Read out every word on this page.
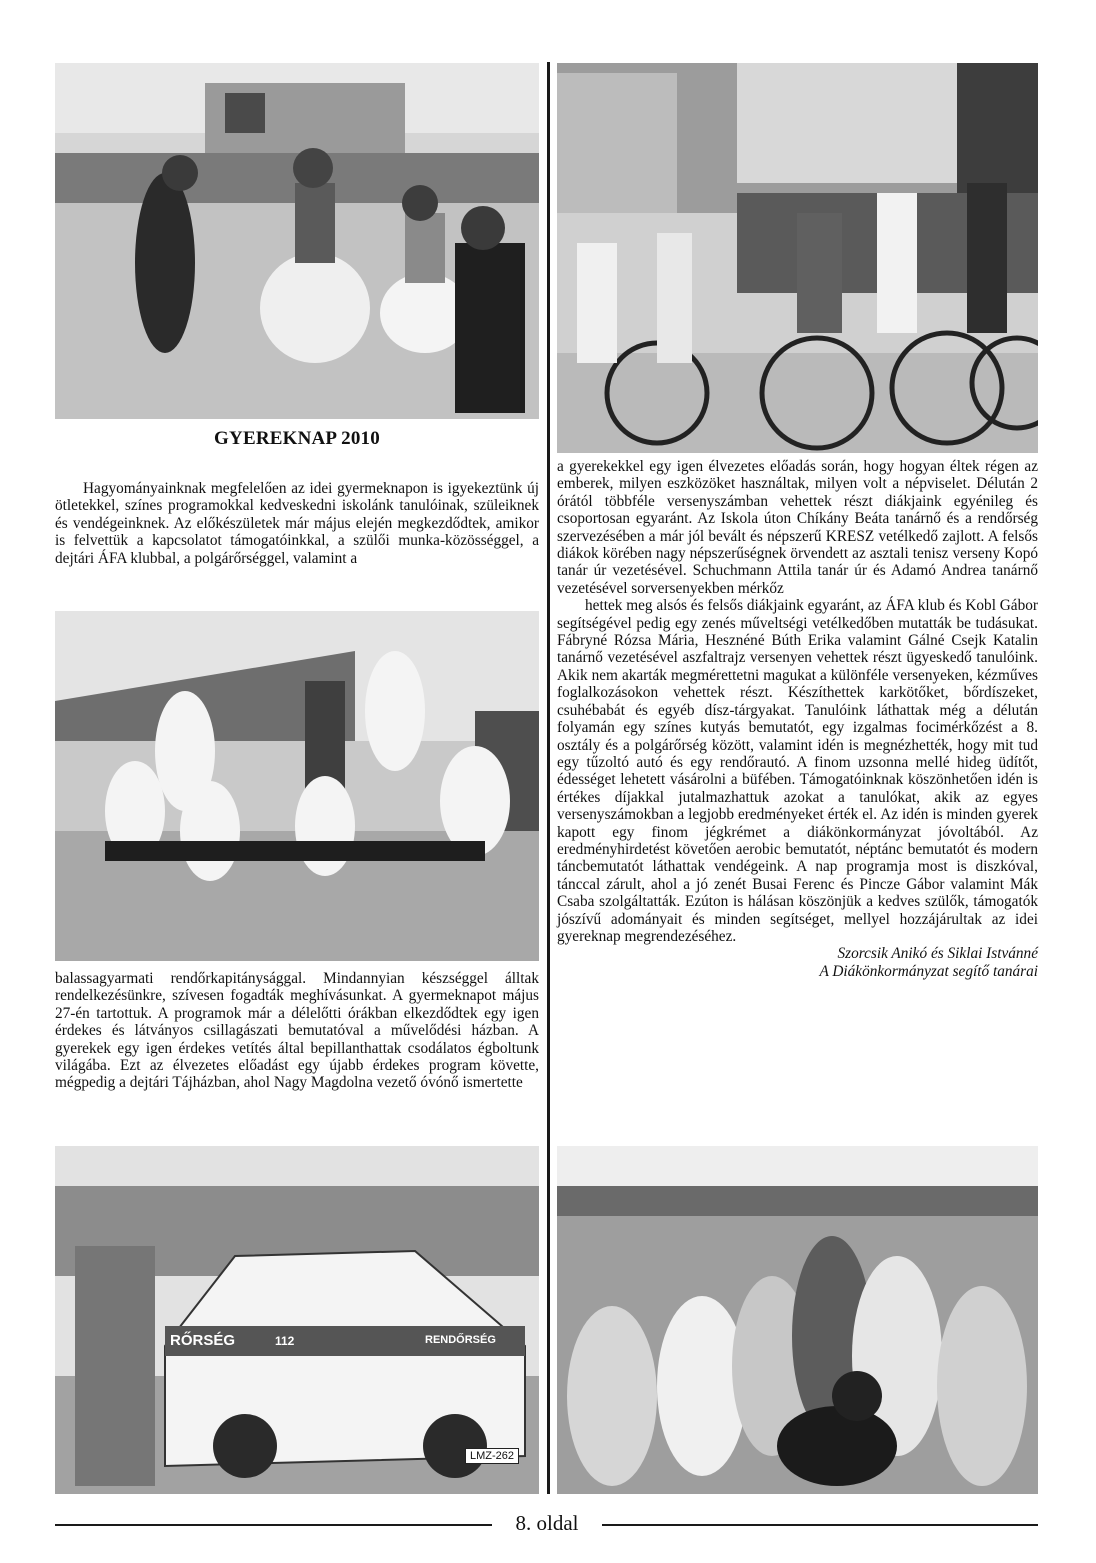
GYEREKNAP 2010

Hagyományainknak megfelelően az idei gyermeknapon is igyekeztünk új ötletekkel, színes programokkal kedveskedni iskolánk tanulóinak, szüleiknek és vendégeinknek. Az előkészületek már május elején megkezdődtek, amikor is felvettük a kapcsolatot támogatóinkkal, a szülői munka-közösséggel, a dejtári ÁFA klubbal, a polgárőrséggel, valamint a

balassagyarmati rendőrkapitánysággal. Mindannyian készséggel álltak rendelkezésünkre, szívesen fogadták meghívásunkat. A gyermeknapot május 27-én tartottuk. A programok már a délelőtti órákban elkezdődtek egy igen érdekes és látványos csillagászati bemutatóval a művelődési házban. A gyerekek egy igen érdekes vetítés által bepillanthattak csodálatos égboltunk világába. Ezt az élvezetes előadást egy újabb érdekes program követte, mégpedig a dejtári Tájházban, ahol Nagy Magdolna vezető óvónő ismertette

a gyerekekkel egy igen élvezetes előadás során, hogy hogyan éltek régen az emberek, milyen eszközöket használtak, milyen volt a népviselet. Délután 2 órától többféle versenyszámban vehettek részt diákjaink egyénileg és csoportosan egyaránt. Az Iskola úton Chíkány Beáta tanárnő és a rendőrség szervezésében a már jól bevált és népszerű KRESZ vetélkedő zajlott. A felsős diákok körében nagy népszerűségnek örvendett az asztali tenisz verseny Kopó tanár úr vezetésével. Schuchmann Attila tanár úr és Adamó Andrea tanárnő vezetésével sorversenyekben mérkőz

hettek meg alsós és felsős diákjaink egyaránt, az ÁFA klub és Kobl Gábor segítségével pedig egy zenés műveltségi vetélkedőben mutatták be tudásukat. Fábryné Rózsa Mária, Hesznéné Búth Erika valamint Gálné Csejk Katalin tanárnő vezetésével aszfaltrajz versenyen vehettek részt ügyeskedő tanulóink. Akik nem akarták megmérettetni magukat a különféle versenyeken, kézműves foglalkozásokon vehettek részt. Készíthettek karkötőket, bőrdíszeket, csuhébabát és egyéb dísz-tárgyakat. Tanulóink láthattak még a délután folyamán egy színes kutyás bemutatót, egy izgalmas focimérkőzést a 8. osztály és a polgárőrség között, valamint idén is megnézhették, hogy mit tud egy tűzoltó autó és egy rendőrautó. A finom uzsonna mellé hideg üdítőt, édességet lehetett vásárolni a büfében. Támogatóinknak köszönhetően idén is értékes díjakkal jutalmazhattuk azokat a tanulókat, akik az egyes versenyszámokban a legjobb eredményeket érték el. Az idén is minden gyerek kapott egy finom jégkrémet a diákönkormányzat jóvoltából. Az eredményhirdetést követően aerobic bemutatót, néptánc bemutatót és modern táncbemutatót láthattak vendégeink. A nap programja most is diszkóval, tánccal zárult, ahol a jó zenét Busai Ferenc és Pincze Gábor valamint Mák Csaba szolgáltatták. Ezúton is hálásan köszönjük a kedves szülők, támogatók jószívű adományait és minden segítséget, mellyel hozzájárultak az idei gyereknap megrendezéséhez.

Szorcsik Anikó és Siklai Istvánné
A Diákönkormányzat segítő tanárai
RŐRSÉG	112	RENDŐRSÉG
LMZ-262
8. oldal
